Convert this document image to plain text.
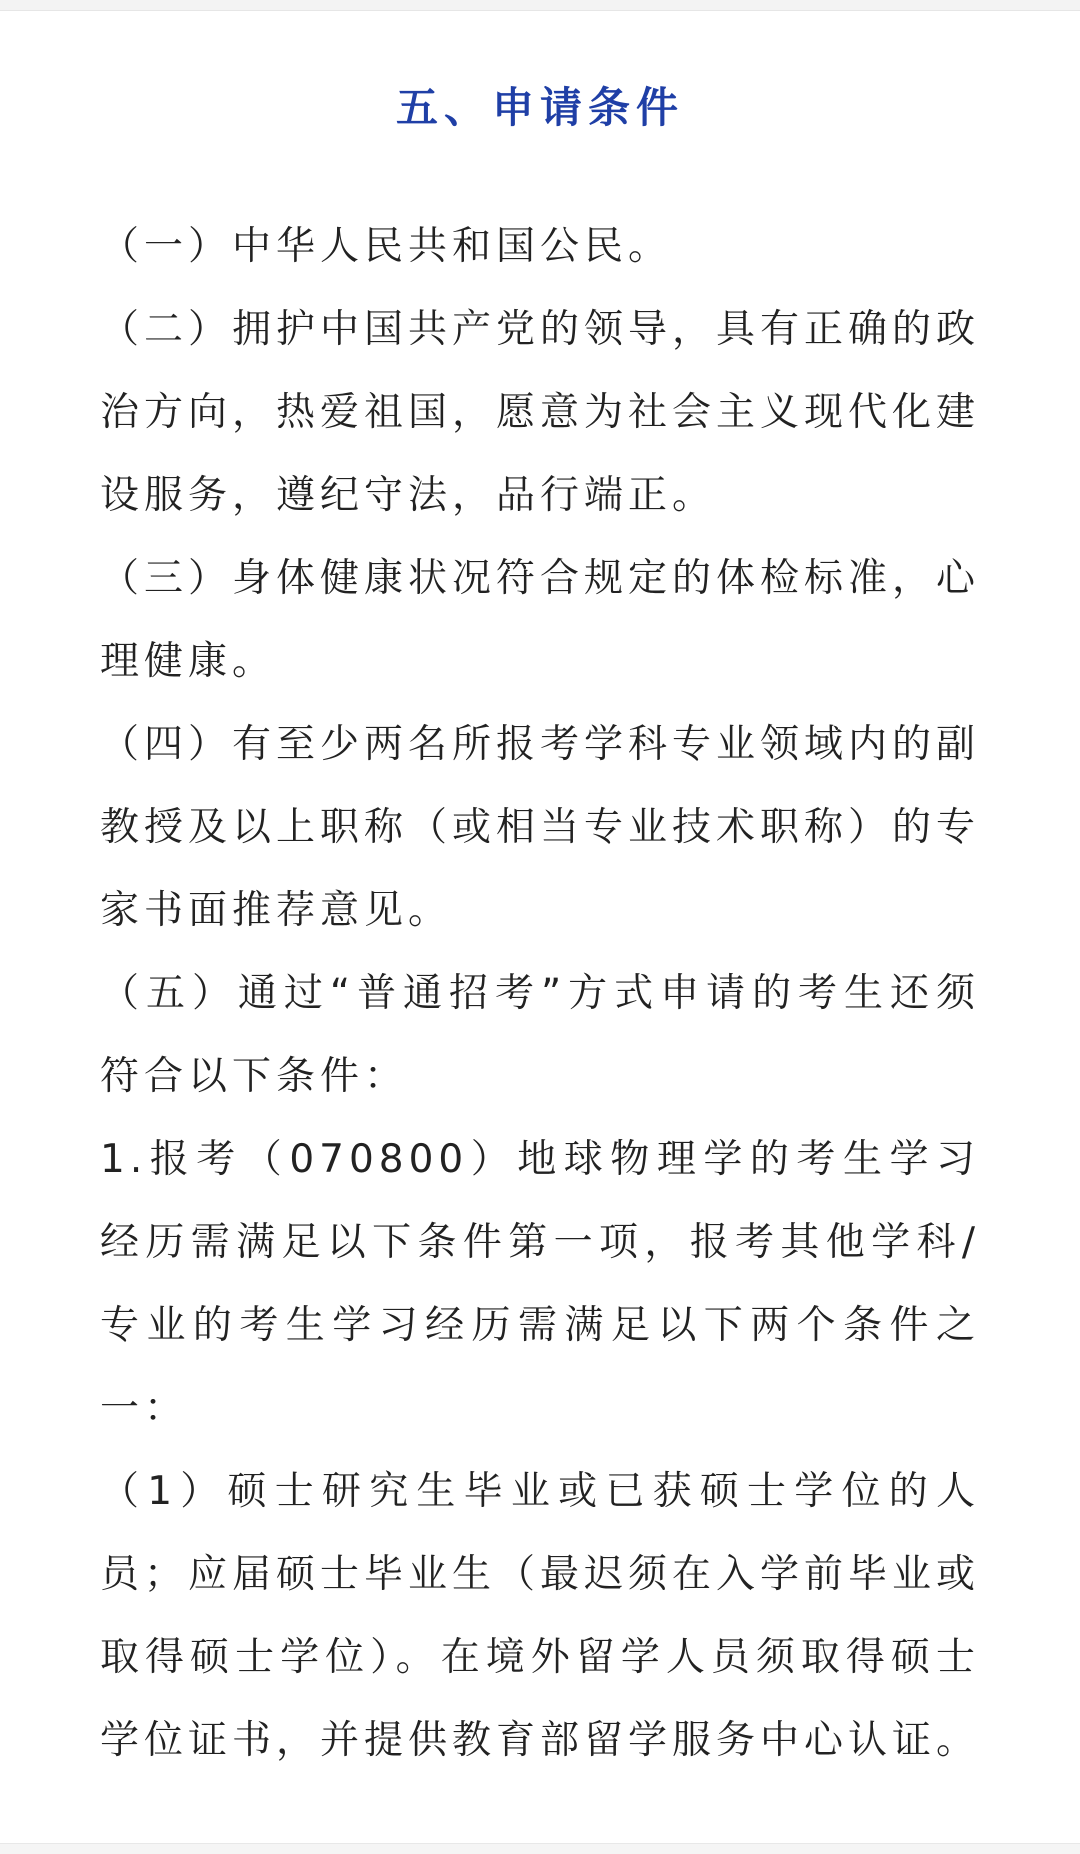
五、申请条件

（一）中华人民共和国公民。

（二）拥护中国共产党的领导，具有正确的政治方向，热爱祖国，愿意为社会主义现代化建设服务，遵纪守法，品行端正。

（三）身体健康状况符合规定的体检标准，心理健康。

（四）有至少两名所报考学科专业领域内的副教授及以上职称（或相当专业技术职称）的专家书面推荐意见。

（五）通过“普通招考”方式申请的考生还须符合以下条件：

1.报考（070800）地球物理学的考生学习经历需满足以下条件第一项，报考其他学科/专业的考生学习经历需满足以下两个条件之一：

（1）硕士研究生毕业或已获硕士学位的人员；应届硕士毕业生（最迟须在入学前毕业或取得硕士学位）。在境外留学人员须取得硕士学位证书，并提供教育部留学服务中心认证。
